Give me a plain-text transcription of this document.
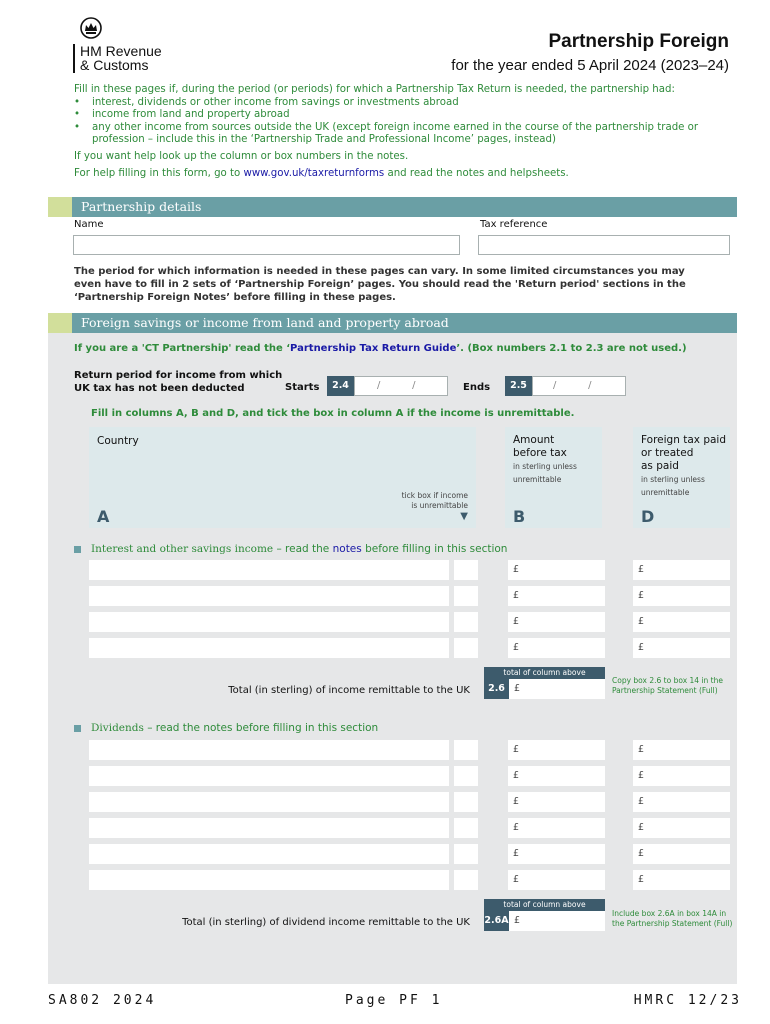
HM Revenue
& Customs
Partnership Foreign
for the year ended 5 April 2024 (2023–24)
Fill in these pages if, during the period (or periods) for which a Partnership Tax Return is needed, the partnership had:
• interest, dividends or other income from savings or investments abroad
• income from land and property abroad
• any other income from sources outside the UK (except foreign income earned in the course of the partnership trade or profession – include this in the ‘Partnership Trade and Professional Income’ pages, instead)
If you want help look up the column or box numbers in the notes.
For help filling in this form, go to www.gov.uk/taxreturnforms and read the notes and helpsheets.
Partnership details
Name	Tax reference
The period for which information is needed in these pages can vary. In some limited circumstances you may even have to fill in 2 sets of ‘Partnership Foreign’ pages. You should read the 'Return period' sections in the ‘Partnership Foreign Notes’ before filling in these pages.
Foreign savings or income from land and property abroad
If you are a 'CT Partnership' read the ‘Partnership Tax Return Guide’. (Box numbers 2.1 to 2.3 are not used.)
Return period for income from which
UK tax has not been deducted	Starts	2.4	/          /	Ends	2.5	/          /
Fill in columns A, B and D, and tick the box in column A if the income is unremittable.
Country
tick box if income
is unremittable
▼
A
Amount
before tax
in sterling unless
unremittable
B
Foreign tax paid
or treated
as paid
in sterling unless
unremittable
D
Interest and other savings income – read the notes before filling in this section
£	£
£	£
£	£
£	£
total of column above
2.6 £
Total (in sterling) of income remittable to the UK
Copy box 2.6 to box 14 in the
Partnership Statement (Full)
Dividends – read the notes before filling in this section
£	£
£	£
£	£
£	£
£	£
£	£
total of column above
2.6A £
Total (in sterling) of dividend income remittable to the UK
Include box 2.6A in box 14A in
the Partnership Statement (Full)
SA802 2024	Page PF 1	HMRC 12/23
